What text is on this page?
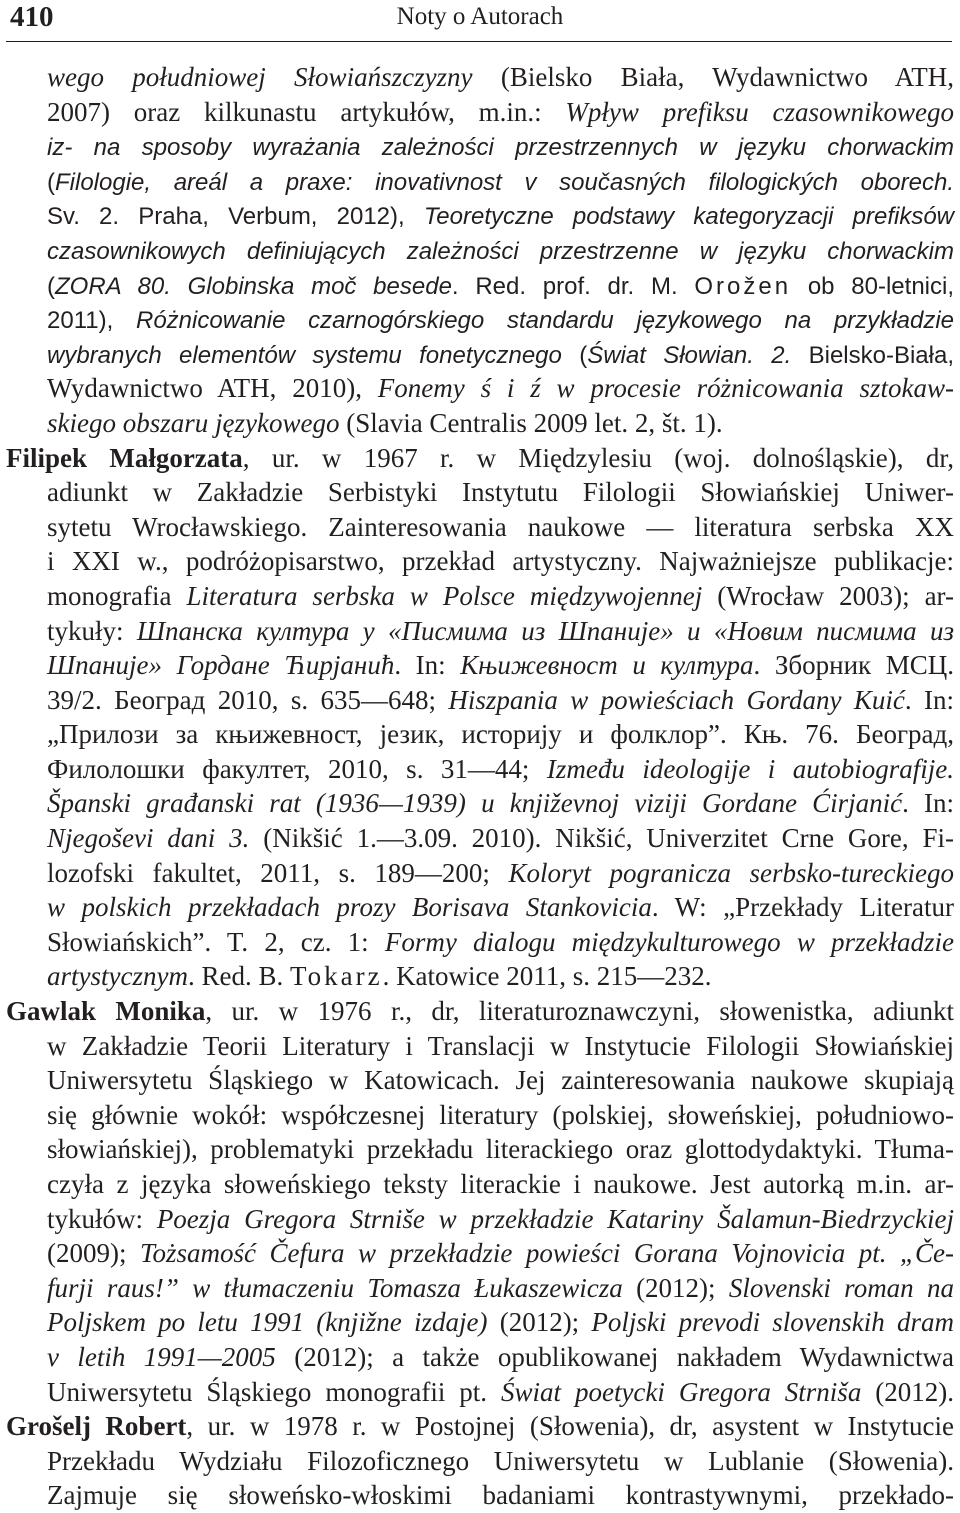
410	Noty o Autorach
wego południowej Słowiańszczyzny (Bielsko Biała, Wydawnictwo ATH,
2007) oraz kilkunastu artykułów, m.in.: Wpływ prefiksu czasownikowego
iz- na sposoby wyrażania zależności przestrzennych w języku chorwackim
(Filologie, areál a praxe: inovativnost v současných filologických oborech.
Sv. 2. Praha, Verbum, 2012), Teoretyczne podstawy kategoryzacji prefiksów
czasownikowych definiujących zależności przestrzenne w języku chorwackim
(ZORA 80. Globinska moč besede. Red. prof. dr. M. Orožen ob 80-letnici,
2011), Różnicowanie czarnogórskiego standardu językowego na przykładzie
wybranych elementów systemu fonetycznego (Świat Słowian. 2. Bielsko-Biała,
Wydawnictwo ATH, 2010), Fonemy ś i ź w procesie różnicowania sztokaw-
skiego obszaru językowego (Slavia Centralis 2009 let. 2, št. 1).
Filipek Małgorzata, ur. w 1967 r. w Międzylesiu (woj. dolnośląskie), dr,
adiunkt w Zakładzie Serbistyki Instytutu Filologii Słowiańskiej Uniwer-
sytetu Wrocławskiego. Zainteresowania naukowe — literatura serbska XX
i XXI w., podróżopisarstwo, przekład artystyczny. Najważniejsze publikacje:
monografia Literatura serbska w Polsce międzywojennej (Wrocław 2003); ar-
tykuły: Шпанска култура у «Писмима из Шпаније» и «Новим писмима из
Шпаније» Гордане Ћирјанић. In: Књижевност и култура. Зборник МСЦ.
39/2. Београд 2010, s. 635—648; Hiszpania w powieściach Gordany Kuić. In:
„Прилози за књижевност, језик, историју и фолклор”. Књ. 76. Београд,
Филолошки факултет, 2010, s. 31—44; Između ideologije i autobiografije.
Španski građanski rat (1936—1939) u književnoj viziji Gordane Ćirjanić. In:
Njegoševi dani 3. (Nikšić 1.—3.09. 2010). Nikšić, Univerzitet Crne Gore, Fi-
lozofski fakultet, 2011, s. 189—200; Koloryt pogranicza serbsko-tureckiego
w polskich przekładach prozy Borisava Stankovicia. W: „Przekłady Literatur
Słowiańskich”. T. 2, cz. 1: Formy dialogu międzykulturowego w przekładzie
artystycznym. Red. B. Tokarz. Katowice 2011, s. 215—232.
Gawlak Monika, ur. w 1976 r., dr, literaturoznawczyni, słowenistka, adiunkt
w Zakładzie Teorii Literatury i Translacji w Instytucie Filologii Słowiańskiej
Uniwersytetu Śląskiego w Katowicach. Jej zainteresowania naukowe skupiają
się głównie wokół: współczesnej literatury (polskiej, słoweńskiej, południowo-
słowiańskiej), problematyki przekładu literackiego oraz glottodydaktyki. Tłuma-
czyła z języka słoweńskiego teksty literackie i naukowe. Jest autorką m.in. ar-
tykułów: Poezja Gregora Strniše w przekładzie Katariny Šalamun-Biedrzyckiej
(2009); Tożsamość Čefura w przekładzie powieści Gorana Vojnovicia pt. „Če-
furji raus!” w tłumaczeniu Tomasza Łukaszewicza (2012); Slovenski roman na
Poljskem po letu 1991 (knjižne izdaje) (2012); Poljski prevodi slovenskih dram
v letih 1991—2005 (2012); a także opublikowanej nakładem Wydawnictwa
Uniwersytetu Śląskiego monografii pt. Świat poetycki Gregora Strniša (2012).
Grošelj Robert, ur. w 1978 r. w Postojnej (Słowenia), dr, asystent w Instytucie
Przekładu Wydziału Filozoficznego Uniwersytetu w Lublanie (Słowenia).
Zajmuje się słoweńsko-włoskimi badaniami kontrastywnymi, przekłado-
